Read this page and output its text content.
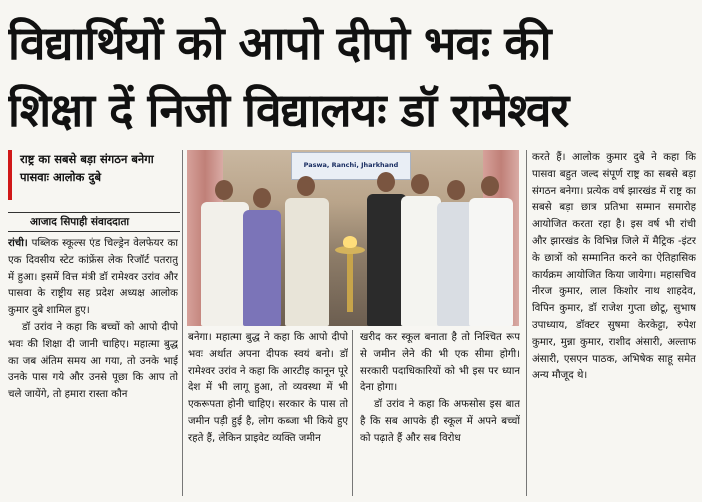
विद्यार्थियों को आपो दीपो भवः की
शिक्षा दें निजी विद्यालयः डॉ रामेश्वर
राष्ट्र का सबसे बड़ा संगठन बनेगा पासवाः आलोक दुबे
आजाद सिपाही संवाददाता
Paswa, Ranchi, Jharkhand

रांची। पब्लिक स्कूल्स एंड चिल्ड्रेन वेलफेयर का एक दिवसीय स्टेट कांफ्रेंस लेक रिजॉर्ट पतरातु में हुआ। इसमें वित्त मंत्री डॉ रामेश्वर उरांव और पासवा के राष्ट्रीय सह प्रदेश अध्यक्ष आलोक कुमार दुबे शामिल हुए।

डॉ उरांव ने कहा कि बच्चों को आपो दीपो भवः की शिक्षा दी जानी चाहिए। महात्मा बुद्ध का जब अंतिम समय आ गया, तो उनके भाई उनके पास गये और उनसे पूछा कि आप तो चले जायेंगे, तो हमारा रास्ता कौन

बनेगा। महात्मा बुद्ध ने कहा कि आपो दीपो भवः अर्थात अपना दीपक स्वयं बनो। डॉ रामेश्वर उरांव ने कहा कि आरटीइ कानून पूरे देश में भी लागू हुआ, तो व्यवस्था में भी एकरूपता होनी चाहिए। सरकार के पास तो जमीन पड़ी हुई है, लोग कब्जा भी किये हुए रहते हैं, लेकिन प्राइवेट व्यक्ति जमीन

खरीद कर स्कूल बनाता है तो निश्चित रूप से जमीन लेने की भी एक सीमा होगी। सरकारी पदाधिकारियों को भी इस पर ध्यान देना होगा।

डॉ उरांव ने कहा कि अफसोस इस बात है कि सब आपके ही स्कूल में अपने बच्चों को पढ़ाते हैं और सब विरोध

करते हैं। आलोक कुमार दुबे ने कहा कि पासवा बहुत जल्द संपूर्ण राष्ट्र का सबसे बड़ा संगठन बनेगा। प्रत्येक वर्ष झारखंड में राष्ट्र का सबसे बड़ा छात्र प्रतिभा सम्मान समारोह आयोजित करता रहा है। इस वर्ष भी रांची और झारखंड के विभिन्न जिले में मैट्रिक -इंटर के छात्रों को सम्मानित करने का ऐतिहासिक कार्यक्रम आयोजित किया जायेगा। महासचिव नीरज कुमार, लाल किशोर नाथ शाहदेव, विपिन कुमार, डॉ राजेश गुप्ता छोटू, सुभाष उपाध्याय, डॉक्टर सुषमा केरकेट्टा, रुपेश कुमार, मुन्ना कुमार, राशीद अंसारी, अल्ताफ अंसारी, एसएन पाठक, अभिषेक साहू समेत अन्य मौजूद थे।
